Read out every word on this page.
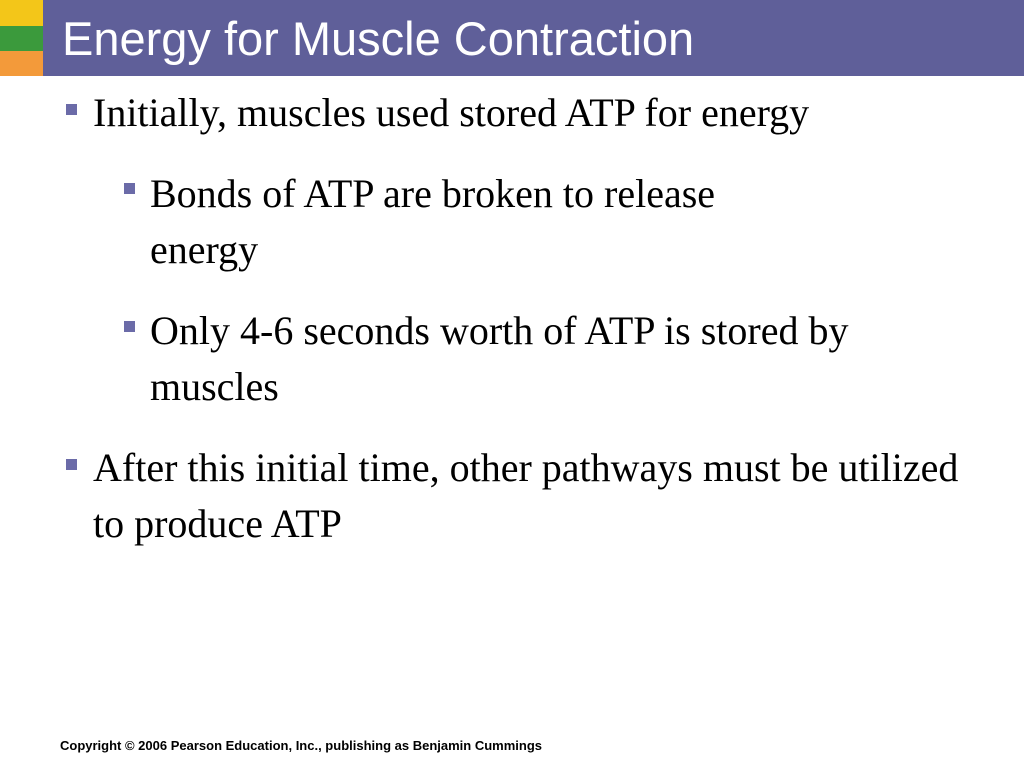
Energy for Muscle Contraction
Initially, muscles used stored ATP for energy
Bonds of ATP are broken to release energy
Only 4-6 seconds worth of ATP is stored by muscles
After this initial time, other pathways must be utilized to produce ATP
Copyright © 2006 Pearson Education, Inc., publishing as Benjamin Cummings
